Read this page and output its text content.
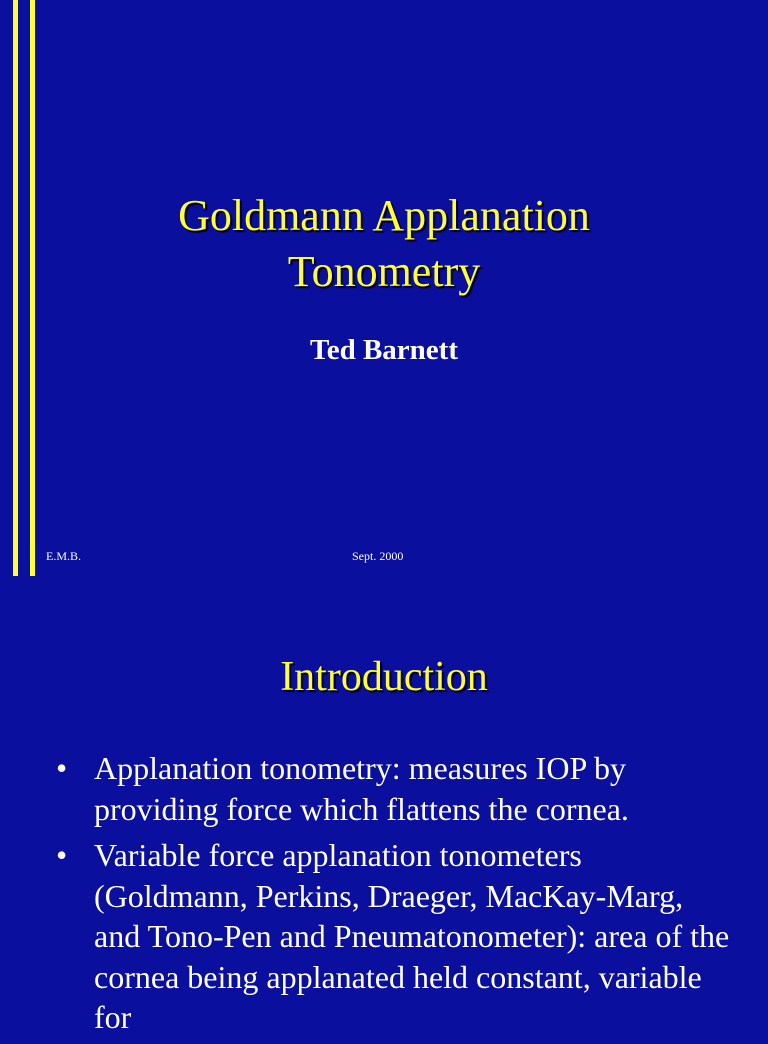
Goldmann Applanation
Tonometry
Ted Barnett
E.M.B.	Sept. 2000
Introduction
• Applanation tonometry: measures IOP by providing force which flattens the cornea.
• Variable force applanation tonometers (Goldmann, Perkins, Draeger, MacKay-Marg, and Tono-Pen and Pneumatonometer): area of the cornea being applanated held constant, variable for
